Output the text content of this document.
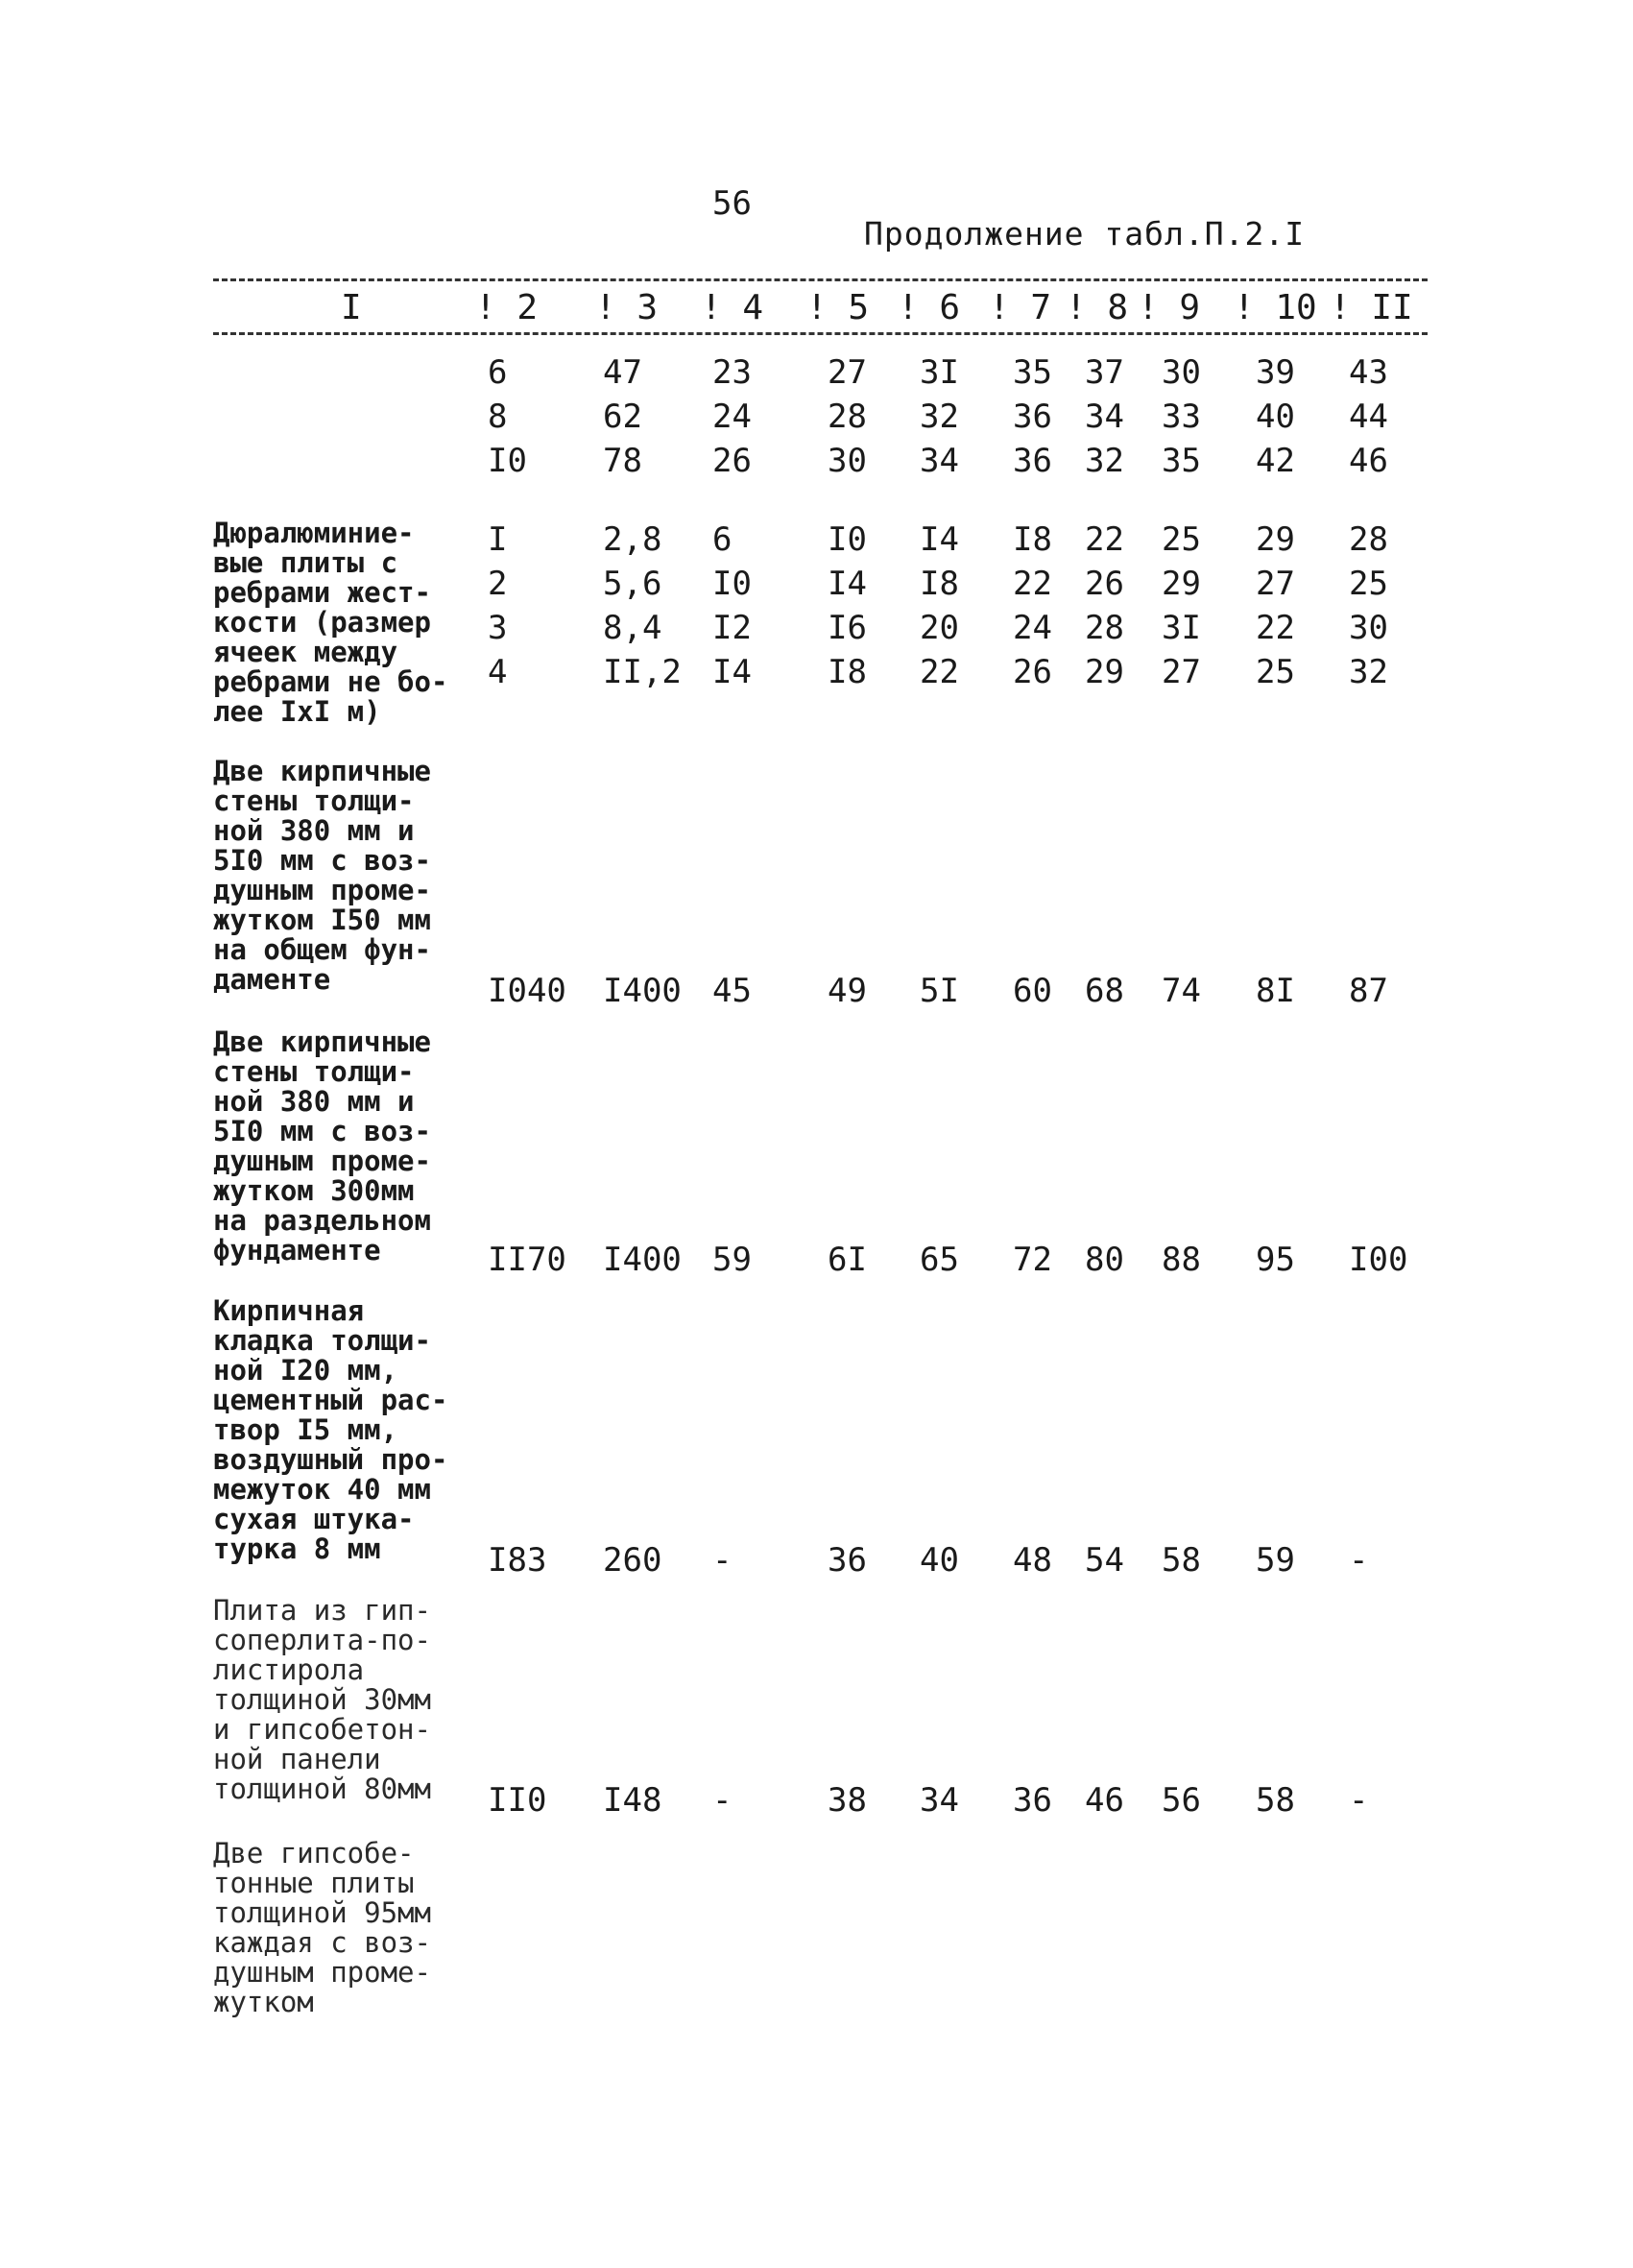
56
Продолжение табл.П.2.I
I	! 2 ! 3 ! 4 ! 5 ! 6 ! 7 ! 8 ! 9 ! 10 ! II
6	47 23 27 3I 35 37 30 39 43
8	62 24 28 32 36 34 33 40 44
I0 78 26 30 34 36 32 35 42 46
Дюралюминие-
вые плиты с
ребрами жест-
кости (размер
ячеек между
ребрами не бо-
лее IxI м)
I	2,8 6	I0 I4 I8 22 25 29 28
2	5,6 I0 I4 I8 22 26 29 27 25
3	8,4 I2 I6 20 24 28 3I 22 30
4	II,2 I4 I8 22 26 29 27 25 32
Две кирпичные
стены толщи-
ной 380 мм и
5I0 мм с воз-
душным проме-
жутком I50 мм
на общем фун-
даменте	I040 I400 45 49 5I 60 68 74 8I 87
Две кирпичные
стены толщи-
ной 380 мм и
5I0 мм с воз-
душным проме-
жутком 300мм
на раздельном
фундаменте	II70 I400 59 6I 65 72 80 88 95 I00
Кирпичная
кладка толщи-
ной I20 мм,
цементный рас-
твор I5 мм,
воздушный про-
межуток 40 мм
сухая штука-
турка 8 мм	I83 260 -	36 40 48 54 58 59 -
Плита из гип-
соперлита-по-
листирола
толщиной 30мм
и гипсобетон-
ной панели
толщиной 80мм	II0 I48 -	38 34 36 46 56 58 -
Две гипсобе-
тонные плиты
толщиной 95мм
каждая с воз-
душным проме-
жутком
